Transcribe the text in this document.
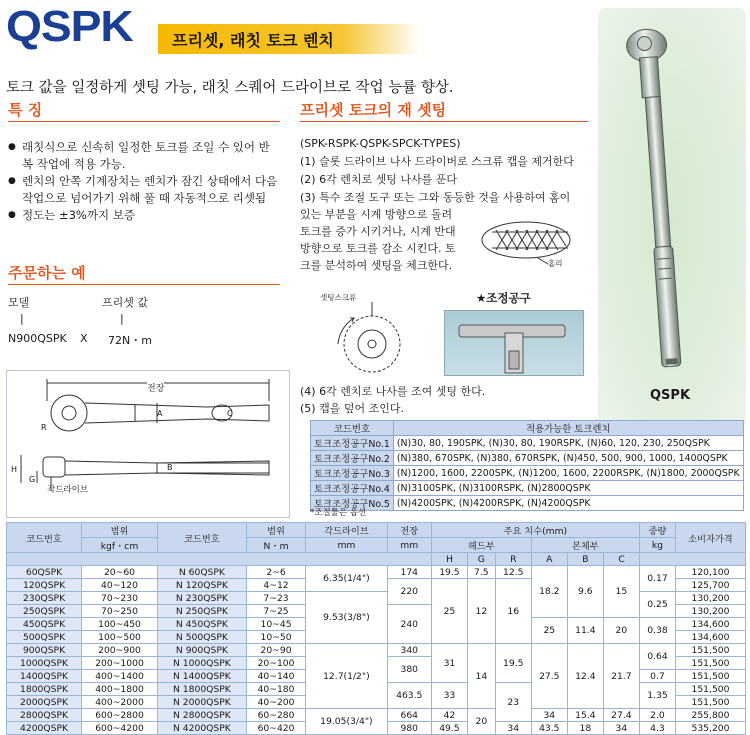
QSPK	프리셋, 래칫 토크 렌치
토크 값을 일정하게 셋팅 가능, 래칫 스퀘어 드라이브로 작업 능률 향상.
QSPK
특 징
● 래칫식으로 신속히 일정한 토크를 조일 수 있어 반복 작업에 적용 가능.
● 렌치의 안쪽 기계장치는 렌치가 잠긴 상태에서 다음 작업으로 넘어가기 위해 풀 때 자동적으로 리셋됨
● 정도는 ±3%까지 보증
주문하는 예
모델	프리셋 값
|	|
N900QSPK X 72N・m
전장
R
A	C
H
G
B
각드라이브
프리셋 토크의 재 셋팅
(SPK-RSPK-QSPK-SPCK-TYPES)
(1) 슬롯 드라이브 나사 드라이버로 스크류 캡을 제거한다
(2) 6각 렌치로 셋팅 나사를 푼다
(3) 특수 조절 도구 또는 그와 동등한 것을 사용하여 홈이
있는 부분을 시계 방향으로 돌려
토크를 증가 시키거나, 시계 반대
방향으로 토크를 감소 시킨다. 토
크를 분석하여 셋팅을 체크한다.	홈리
셋팅스크류	★조정공구
(4) 6각 렌치로 나사를 조여 셋팅 한다.
(5) 캡을 덮어 조인다.
코드번호	적용가능한 토크렌치
토크조정공구No.1	(N)30, 80, 190SPK, (N)30, 80, 190RSPK, (N)60, 120, 230, 250QSPK
토크조정공구No.2	(N)380, 670SPK, (N)380, 670RSPK, (N)450, 500, 900, 1000, 1400QSPK
토크조정공구No.3	(N)1200, 1600, 2200SPK, (N)1200, 1600, 2200RSPK, (N)1800, 2000QSPK
토크조정공구No.4	(N)3100SPK, (N)3100RSPK, (N)2800QSPK
토크조정공구No.5	(N)4200SPK, (N)4200RSPK, (N)4200QSPK
*조절툴은 옵션
코드번호	범위	코드번호	범위	각드라이브	전장	주요 치수(mm)						중량	소비자가격
	kgf・cm		N・m	mm	mm	헤드부			본체부			kg	
						H	G	R	A	B	C		
60QSPK	20~60	N 60QSPK	2~6	6.35(1/4")	174	19.5	7.5	12.5	18.2	9.6	15	0.17	120,100
120QSPK	40~120	N 120QSPK	4~12		220	25	12	16					125,700
230QSPK	70~230	N 230QSPK	7~23	9.53(3/8")								0.25	130,200
250QSPK	70~250	N 250QSPK	7~25		240								130,200
450QSPK	100~450	N 450QSPK	10~45						25	11.4	20	0.38	134,600
500QSPK	100~500	N 500QSPK	10~50										134,600
900QSPK	200~900	N 900QSPK	20~90	12.7(1/2")	340	31	14	19.5	27.5	12.4	21.7	0.64	151,500
1000QSPK	200~1000	N 1000QSPK	20~100		380								151,500
1400QSPK	400~1400	N 1400QSPK	40~140									0.7	151,500
1800QSPK	400~1800	N 1800QSPK	40~180		463.5	33		23				1.35	151,500
2000QSPK	400~2000	N 2000QSPK	40~200										151,500
2800QSPK	600~2800	N 2800QSPK	60~280	19.05(3/4")	664	42	20		34	15.4	27.4	2.0	255,800
4200QSPK	600~4200	N 4200QSPK	60~420		980	49.5		34	43.5	18	34	4.3	535,200
